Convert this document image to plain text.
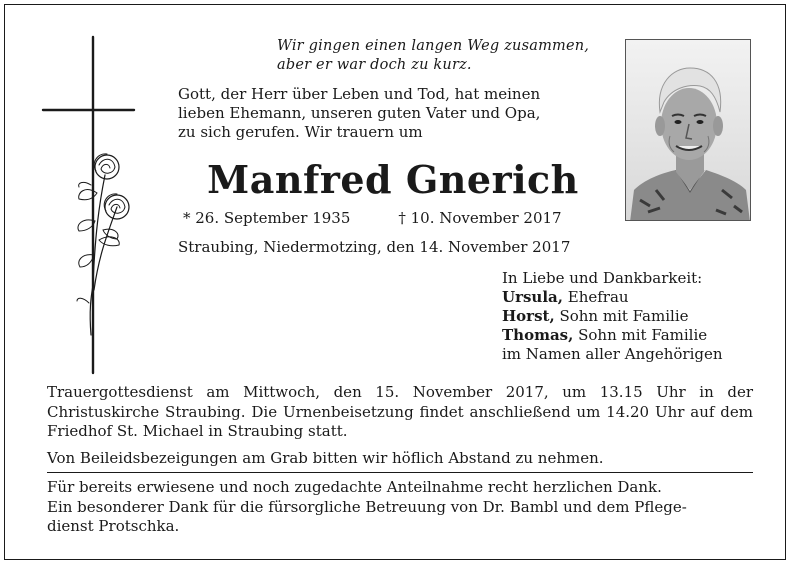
Wir gingen einen langen Weg zusammen,
aber er war doch zu kurz.
Gott, der Herr über Leben und Tod, hat meinen
lieben Ehemann, unseren guten Vater und Opa,
zu sich gerufen. Wir trauern um
Manfred Gnerich
* 26. September 1935	† 10. November 2017
Straubing, Niedermotzing, den 14. November 2017
In Liebe und Dankbarkeit:
Ursula, Ehefrau
Horst, Sohn mit Familie
Thomas, Sohn mit Familie
im Namen aller Angehörigen
Trauergottesdienst am Mittwoch, den 15. November 2017, um 13.15 Uhr in der Christuskirche Straubing. Die Urnenbeisetzung findet anschließend um 14.20 Uhr auf dem Friedhof St. Michael in Straubing statt.
Von Beileidsbezeigungen am Grab bitten wir höflich Abstand zu nehmen.
Für bereits erwiesene und noch zugedachte Anteilnahme recht herzlichen Dank.
Ein besonderer Dank für die fürsorgliche Betreuung von Dr. Bambl und dem Pflege-
dienst Protschka.
